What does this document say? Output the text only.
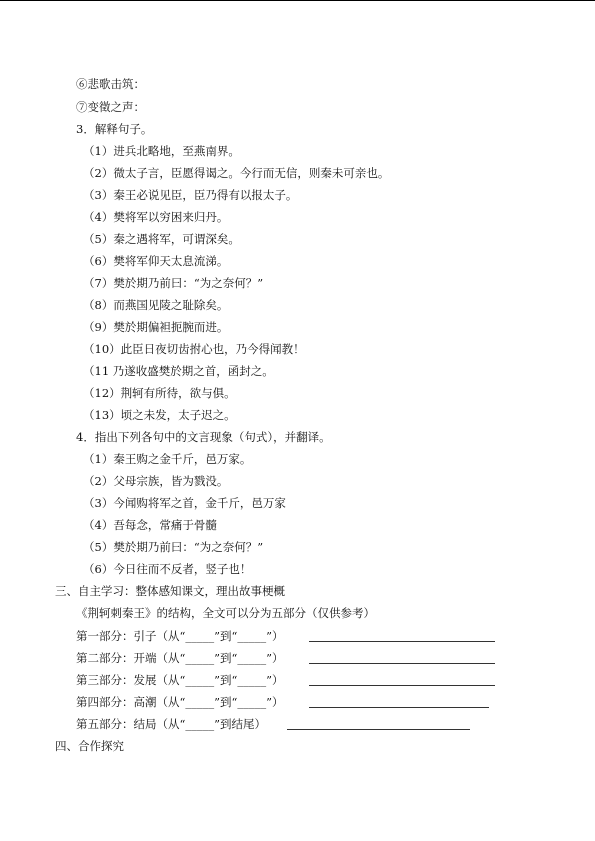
⑥悲歌击筑：
⑦变徵之声：
3．解释句子。
（1）进兵北略地，至燕南界。
（2）微太子言，臣愿得谒之。今行而无信，则秦未可亲也。
（3）秦王必说见臣，臣乃得有以报太子。
（4）樊将军以穷困来归丹。
（5）秦之遇将军，可谓深矣。
（6）樊将军仰天太息流涕。
（7）樊於期乃前曰：“为之奈何？”
（8）而燕国见陵之耻除矣。
（9）樊於期偏袒扼腕而进。
（10）此臣日夜切齿拊心也，乃今得闻教！
（11 乃遂收盛樊於期之首，函封之。
（12）荆轲有所待，欲与俱。
（13）顷之未发，太子迟之。
4．指出下列各句中的文言现象（句式），并翻译。
（1）秦王购之金千斤，邑万家。
（2）父母宗族，皆为戮没。
（3）今闻购将军之首，金千斤，邑万家
（4）吾每念，常痛于骨髓
（5）樊於期乃前曰：“为之奈何？”
（6）今日往而不反者，竖子也！
三、自主学习：整体感知课文，理出故事梗概
《荆轲刺秦王》的结构，全文可以分为五部分（仅供参考）
第一部分：引子（从“_____”到“_____”）
第二部分：开端（从“_____”到“_____”）
第三部分：发展（从“_____”到“_____”）
第四部分：高潮（从“_____”到“_____”）
第五部分：结局（从“_____”到结尾）
四、合作探究
